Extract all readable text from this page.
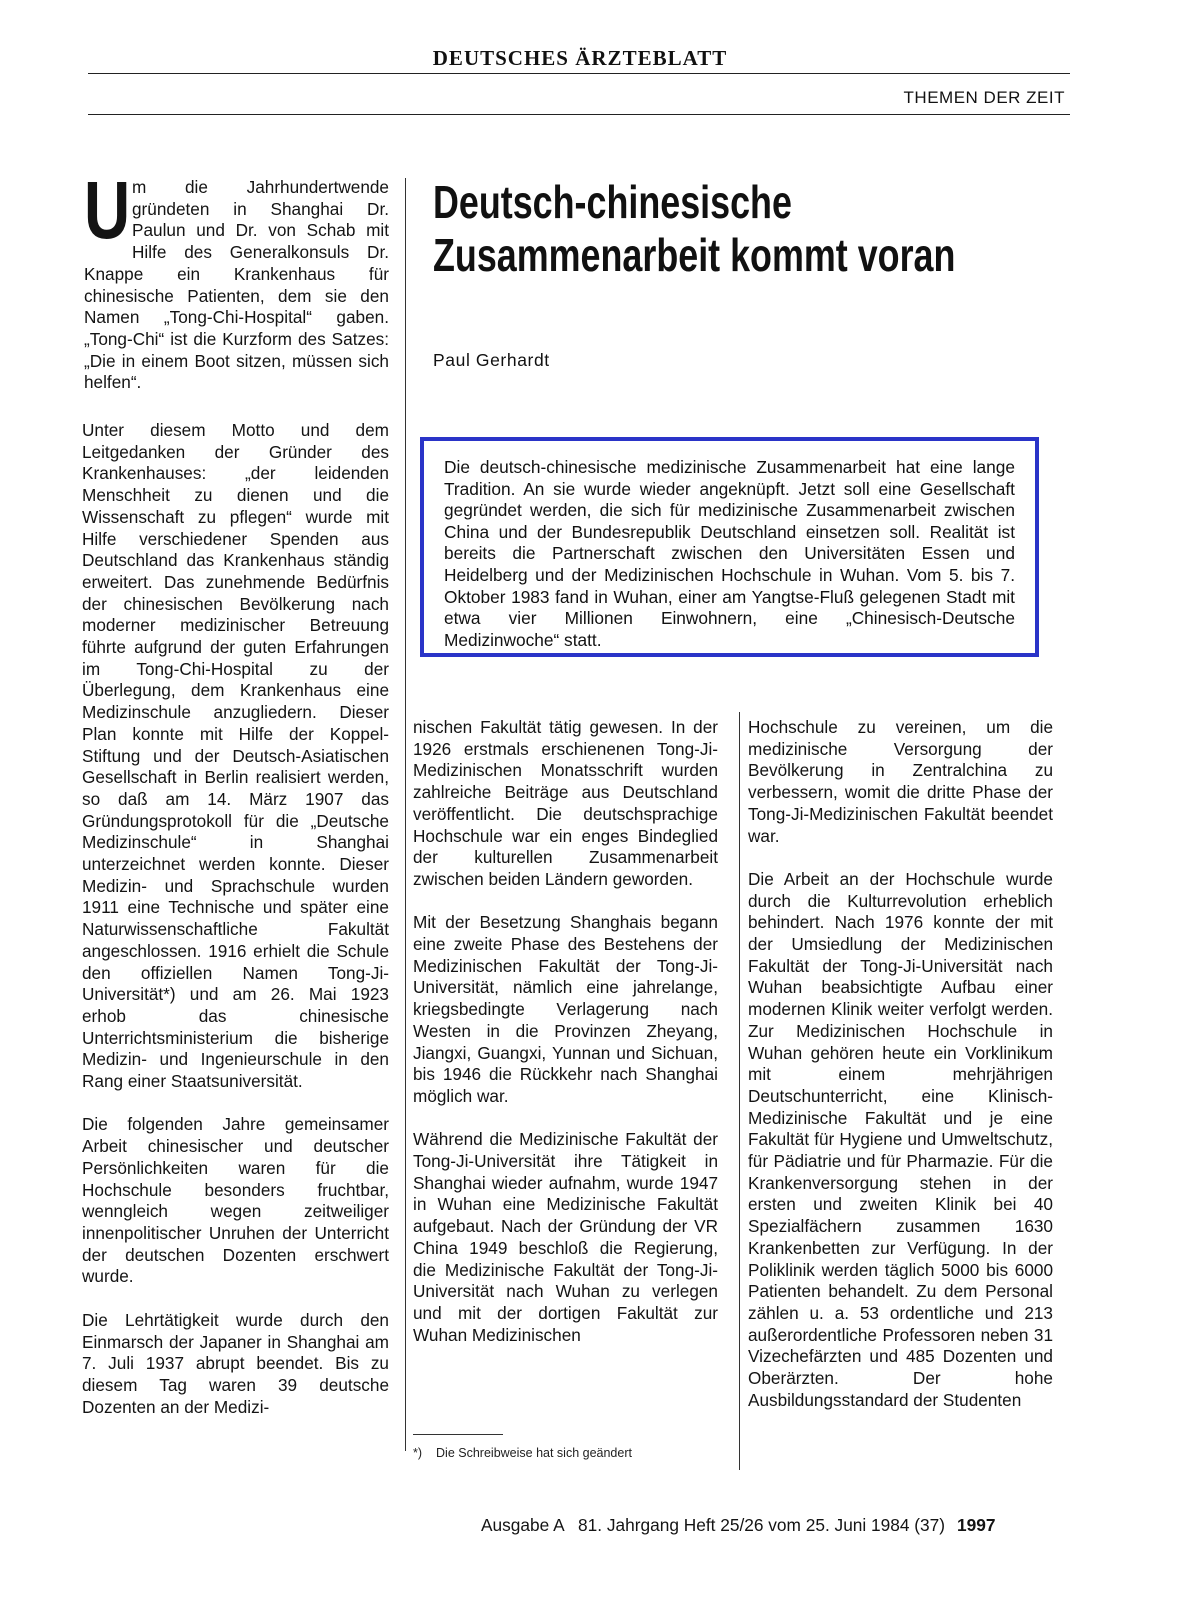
DEUTSCHES ÄRZTEBLATT
THEMEN DER ZEIT
Um die Jahrhundertwende gründeten in Shanghai Dr. Paulun und Dr. von Schab mit Hilfe des Generalkonsuls Dr. Knappe ein Krankenhaus für chinesische Patienten, dem sie den Namen „Tong-Chi-Hospital“ gaben. „Tong-Chi“ ist die Kurzform des Satzes: „Die in einem Boot sitzen, müssen sich helfen“.

Unter diesem Motto und dem Leitgedanken der Gründer des Krankenhauses: „der leidenden Menschheit zu dienen und die Wissenschaft zu pflegen“ wurde mit Hilfe verschiedener Spenden aus Deutschland das Krankenhaus ständig erweitert. Das zunehmende Bedürfnis der chinesischen Bevölkerung nach moderner medizinischer Betreuung führte aufgrund der guten Erfahrungen im Tong-Chi-Hospital zu der Überlegung, dem Krankenhaus eine Medizinschule anzugliedern. Dieser Plan konnte mit Hilfe der Koppel-Stiftung und der Deutsch-Asiatischen Gesellschaft in Berlin realisiert werden, so daß am 14. März 1907 das Gründungsprotokoll für die „Deutsche Medizinschule“ in Shanghai unterzeichnet werden konnte. Dieser Medizin- und Sprachschule wurden 1911 eine Technische und später eine Naturwissenschaftliche Fakultät angeschlossen. 1916 erhielt die Schule den offiziellen Namen Tong-Ji-Universität*) und am 26. Mai 1923 erhob das chinesische Unterrichtsministerium die bisherige Medizin- und Ingenieurschule in den Rang einer Staatsuniversität.

Die folgenden Jahre gemeinsamer Arbeit chinesischer und deutscher Persönlichkeiten waren für die Hochschule besonders fruchtbar, wenngleich wegen zeitweiliger innenpolitischer Unruhen der Unterricht der deutschen Dozenten erschwert wurde.

Die Lehrtätigkeit wurde durch den Einmarsch der Japaner in Shanghai am 7. Juli 1937 abrupt beendet. Bis zu diesem Tag waren 39 deutsche Dozenten an der Medizi-

Deutsch-chinesische
Zusammenarbeit kommt voran
Paul Gerhardt
Die deutsch-chinesische medizinische Zusammenarbeit hat eine lange Tradition. An sie wurde wieder angeknüpft. Jetzt soll eine Gesellschaft gegründet werden, die sich für medizinische Zusammenarbeit zwischen China und der Bundesrepublik Deutschland einsetzen soll. Realität ist bereits die Partnerschaft zwischen den Universitäten Essen und Heidelberg und der Medizinischen Hochschule in Wuhan. Vom 5. bis 7. Oktober 1983 fand in Wuhan, einer am Yangtse-Fluß gelegenen Stadt mit etwa vier Millionen Einwohnern, eine „Chinesisch-Deutsche Medizinwoche“ statt.

nischen Fakultät tätig gewesen. In der 1926 erstmals erschienenen Tong-Ji-Medizinischen Monatsschrift wurden zahlreiche Beiträge aus Deutschland veröffentlicht. Die deutschsprachige Hochschule war ein enges Bindeglied der kulturellen Zusammenarbeit zwischen beiden Ländern geworden.

Mit der Besetzung Shanghais begann eine zweite Phase des Bestehens der Medizinischen Fakultät der Tong-Ji-Universität, nämlich eine jahrelange, kriegsbedingte Verlagerung nach Westen in die Provinzen Zheyang, Jiangxi, Guangxi, Yunnan und Sichuan, bis 1946 die Rückkehr nach Shanghai möglich war.

Während die Medizinische Fakultät der Tong-Ji-Universität ihre Tätigkeit in Shanghai wieder aufnahm, wurde 1947 in Wuhan eine Medizinische Fakultät aufgebaut. Nach der Gründung der VR China 1949 beschloß die Regierung, die Medizinische Fakultät der Tong-Ji-Universität nach Wuhan zu verlegen und mit der dortigen Fakultät zur Wuhan Medizinischen

Hochschule zu vereinen, um die medizinische Versorgung der Bevölkerung in Zentralchina zu verbessern, womit die dritte Phase der Tong-Ji-Medizinischen Fakultät beendet war.

Die Arbeit an der Hochschule wurde durch die Kulturrevolution erheblich behindert. Nach 1976 konnte der mit der Umsiedlung der Medizinischen Fakultät der Tong-Ji-Universität nach Wuhan beabsichtigte Aufbau einer modernen Klinik weiter verfolgt werden. Zur Medizinischen Hochschule in Wuhan gehören heute ein Vorklinikum mit einem mehrjährigen Deutschunterricht, eine Klinisch-Medizinische Fakultät und je eine Fakultät für Hygiene und Umweltschutz, für Pädiatrie und für Pharmazie. Für die Krankenversorgung stehen in der ersten und zweiten Klinik bei 40 Spezialfächern zusammen 1630 Krankenbetten zur Verfügung. In der Poliklinik werden täglich 5000 bis 6000 Patienten behandelt. Zu dem Personal zählen u. a. 53 ordentliche und 213 außerordentliche Professoren neben 31 Vizechefärzten und 485 Dozenten und Oberärzten. Der hohe Ausbildungsstandard der Studenten

*) Die Schreibweise hat sich geändert
Ausgabe A   81. Jahrgang Heft 25/26 vom 25. Juni 1984 (37) 1997
